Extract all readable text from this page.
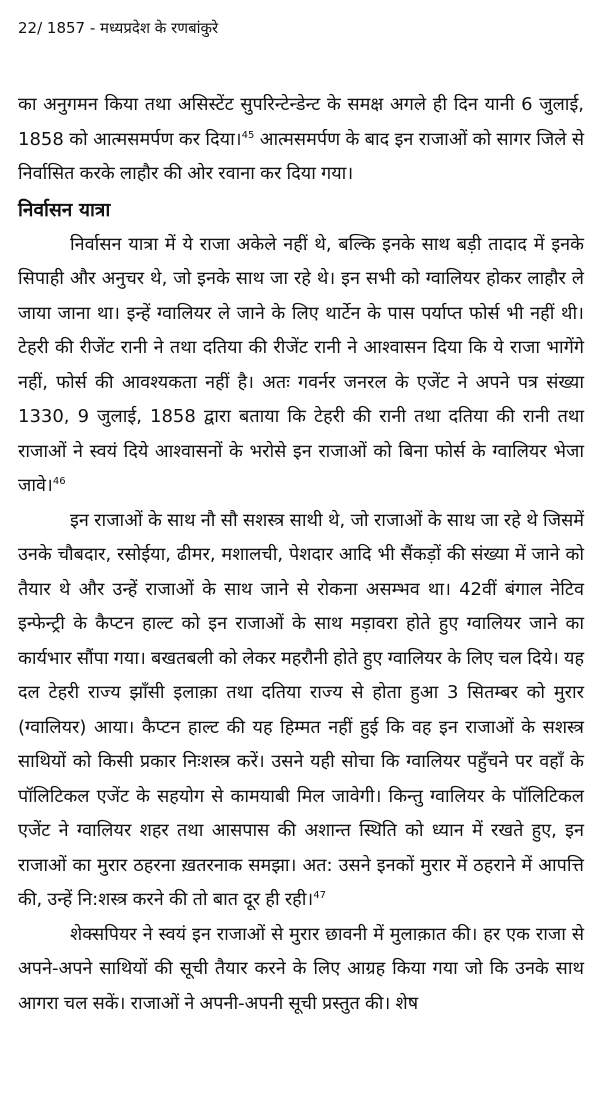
22/ 1857 - मध्यप्रदेश के रणबांकुरे

का अनुगमन किया तथा असिस्टेंट सुपरिन्टेन्डेन्ट के समक्ष अगले ही दिन यानी 6 जुलाई, 1858 को आत्मसमर्पण कर दिया।$^{45}$ आत्मसमर्पण के बाद इन राजाओं को सागर जिले से निर्वासित करके लाहौर की ओर रवाना कर दिया गया।

निर्वासन यात्रा

निर्वासन यात्रा में ये राजा अकेले नहीं थे, बल्कि इनके साथ बड़ी तादाद में इनके सिपाही और अनुचर थे, जो इनके साथ जा रहे थे। इन सभी को ग्वालियर होकर लाहौर ले जाया जाना था। इन्हें ग्वालियर ले जाने के लिए थार्टेन के पास पर्याप्त फोर्स भी नहीं थी। टेहरी की रीजेंट रानी ने तथा दतिया की रीजेंट रानी ने आश्वासन दिया कि ये राजा भागेंगे नहीं, फोर्स की आवश्यकता नहीं है। अतः गवर्नर जनरल के एजेंट ने अपने पत्र संख्या 1330, 9 जुलाई, 1858 द्वारा बताया कि टेहरी की रानी तथा दतिया की रानी तथा राजाओं ने स्वयं दिये आश्वासनों के भरोसे इन राजाओं को बिना फोर्स के ग्वालियर भेजा जावे।$^{46}$

इन राजाओं के साथ नौ सौ सशस्त्र साथी थे, जो राजाओं के साथ जा रहे थे जिसमें उनके चौबदार, रसोईया, ढीमर, मशालची, पेशदार आदि भी सैंकड़ों की संख्या में जाने को तैयार थे और उन्हें राजाओं के साथ जाने से रोकना असम्भव था। 42वीं बंगाल नेटिव इन्फेन्ट्री के कैप्टन हाल्ट को इन राजाओं के साथ मड़ावरा होते हुए ग्वालियर जाने का कार्यभार सौंपा गया। बखतबली को लेकर महरौनी होते हुए ग्वालियर के लिए चल दिये। यह दल टेहरी राज्य झाँसी इलाक़ा तथा दतिया राज्य से होता हुआ 3 सितम्बर को मुरार (ग्वालियर) आया। कैप्टन हाल्ट की यह हिम्मत नहीं हुई कि वह इन राजाओं के सशस्त्र साथियों को किसी प्रकार निःशस्त्र करें। उसने यही सोचा कि ग्वालियर पहुँचने पर वहाँ के पॉलिटिकल एजेंट के सहयोग से कामयाबी मिल जावेगी। किन्तु ग्वालियर के पॉलिटिकल एजेंट ने ग्वालियर शहर तथा आसपास की अशान्त स्थिति को ध्यान में रखते हुए, इन राजाओं का मुरार ठहरना ख़तरनाक समझा। अत: उसने इनकों मुरार में ठहराने में आपत्ति की, उन्हें नि:शस्त्र करने की तो बात दूर ही रही।$^{47}$

शेक्सपियर ने स्वयं इन राजाओं से मुरार छावनी में मुलाक़ात की। हर एक राजा से अपने-अपने साथियों की सूची तैयार करने के लिए आग्रह किया गया जो कि उनके साथ आगरा चल सकें। राजाओं ने अपनी-अपनी सूची प्रस्तुत की। शेष
